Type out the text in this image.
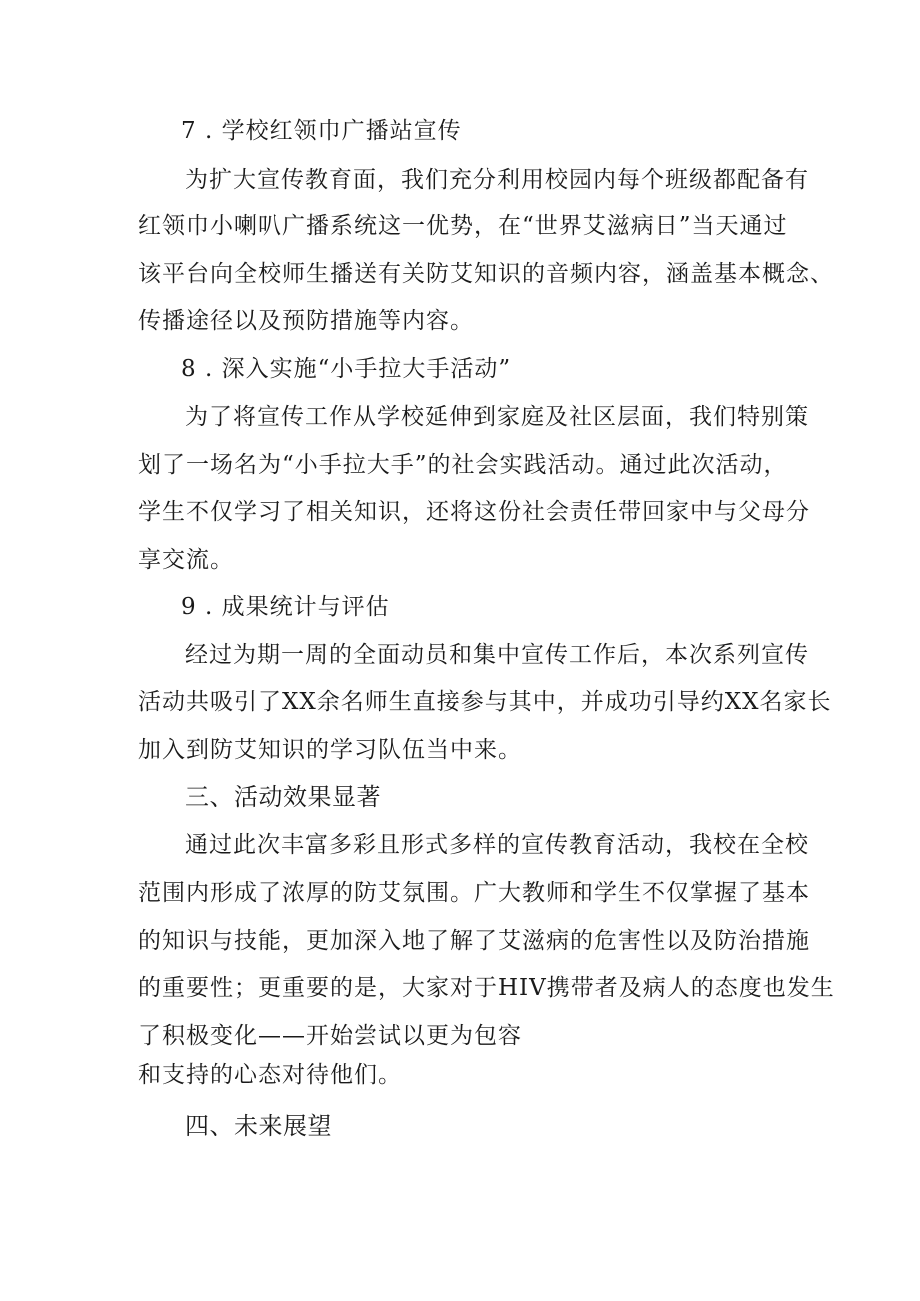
7 . 学校红领巾广播站宣传
为扩大宣传教育面，我们充分利用校园内每个班级都配备有
红领巾小喇叭广播系统这一优势，在“世界艾滋病日”当天通过
该平台向全校师生播送有关防艾知识的音频内容，涵盖基本概念、
传播途径以及预防措施等内容。
8 . 深入实施“小手拉大手活动”
为了将宣传工作从学校延伸到家庭及社区层面，我们特别策
划了一场名为“小手拉大手”的社会实践活动。通过此次活动，
学生不仅学习了相关知识，还将这份社会责任带回家中与父母分
享交流。
9 . 成果统计与评估
经过为期一周的全面动员和集中宣传工作后，本次系列宣传
活动共吸引了XX余名师生直接参与其中，并成功引导约XX名家长
加入到防艾知识的学习队伍当中来。
三、活动效果显著
通过此次丰富多彩且形式多样的宣传教育活动，我校在全校
范围内形成了浓厚的防艾氛围。广大教师和学生不仅掌握了基本
的知识与技能，更加深入地了解了艾滋病的危害性以及防治措施
的重要性；更重要的是，大家对于HIV携带者及病人的态度也发生
了积极变化——开始尝试以更为包容
和支持的心态对待他们。
四、未来展望
